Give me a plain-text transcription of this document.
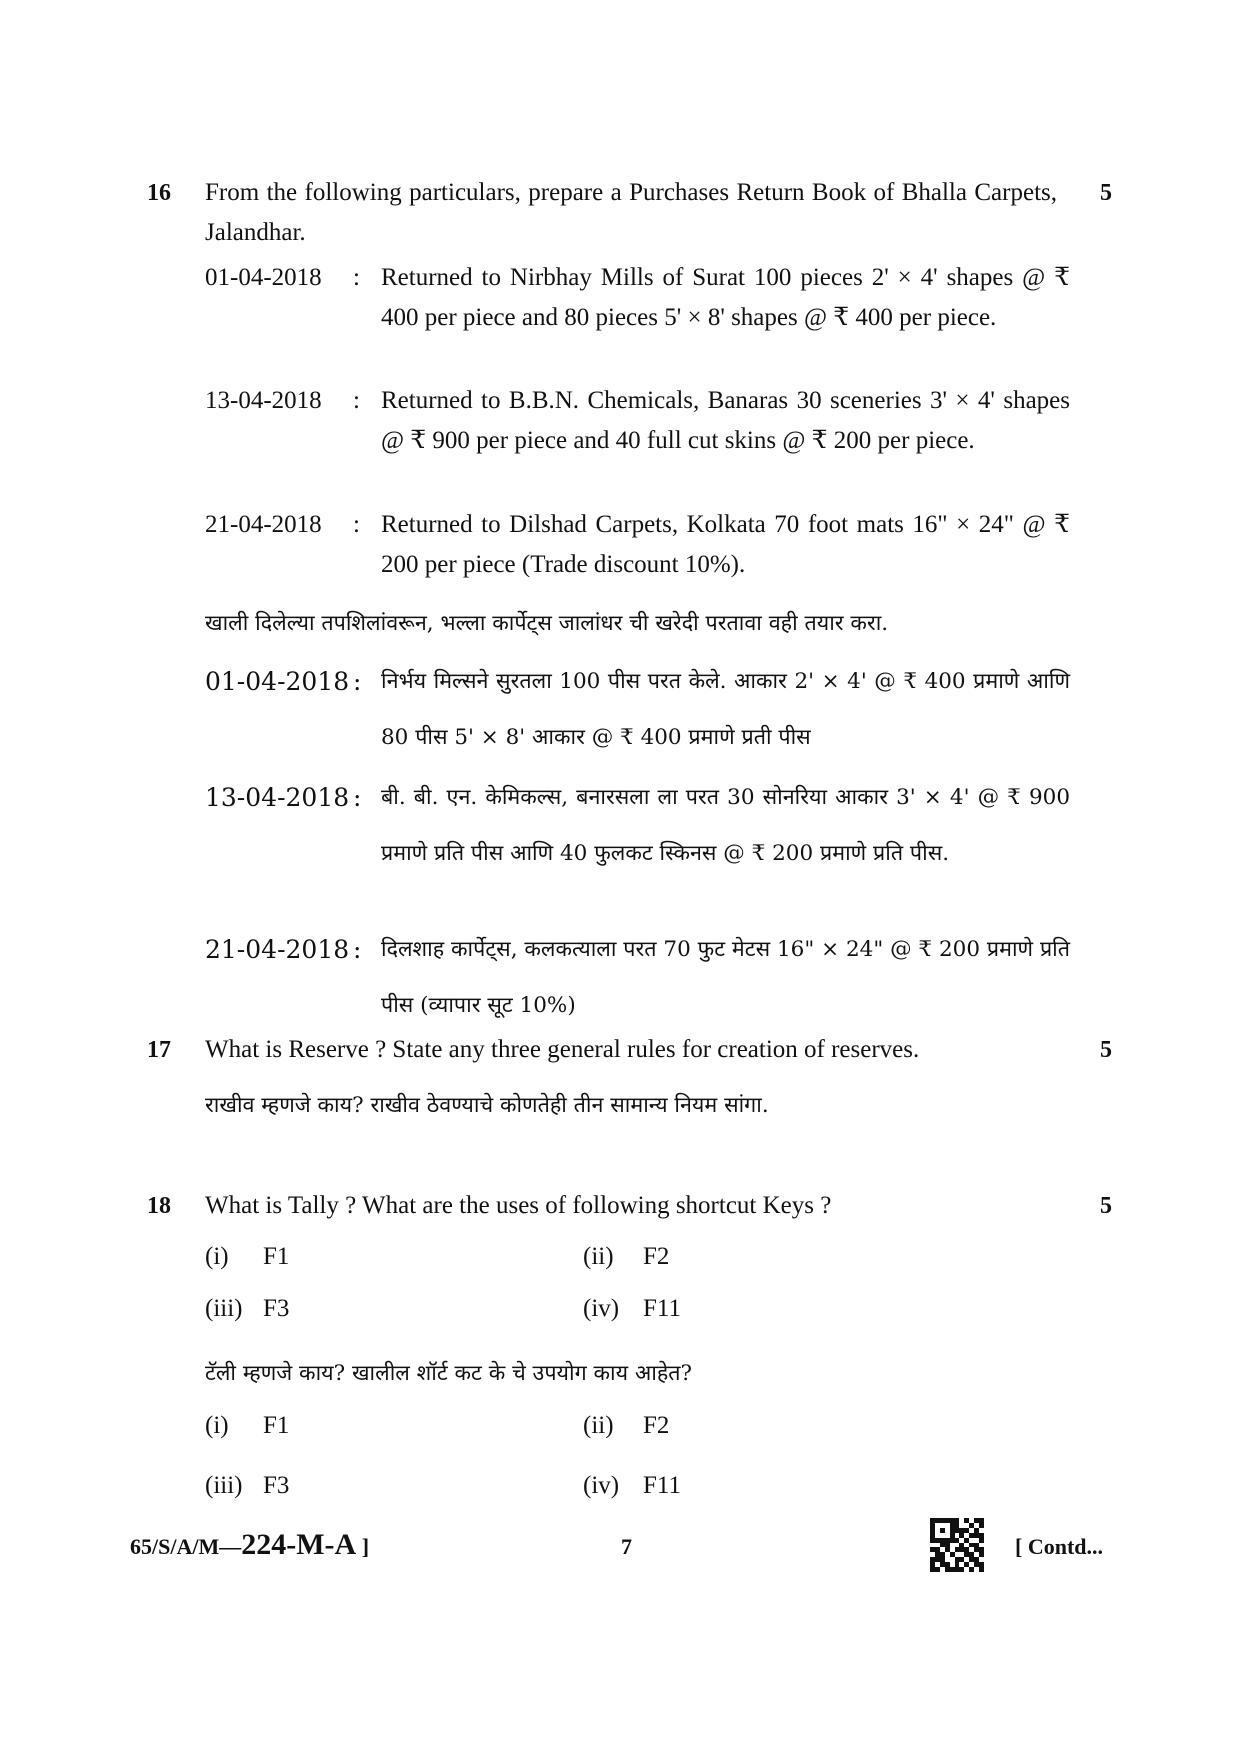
16	5
From the following particulars, prepare a Purchases Return Book of Bhalla Carpets, Jalandhar.
01-04-2018 : Returned to Nirbhay Mills of Surat 100 pieces 2' × 4' shapes @ ₹ 400 per piece and 80 pieces 5' × 8' shapes @ ₹ 400 per piece.
13-04-2018 : Returned to B.B.N. Chemicals, Banaras 30 sceneries 3' × 4' shapes @ ₹ 900 per piece and 40 full cut skins @ ₹ 200 per piece.
21-04-2018 : Returned to Dilshad Carpets, Kolkata 70 foot mats 16" × 24" @ ₹ 200 per piece (Trade discount 10%).
खाली दिलेल्या तपशिलांवरून, भल्ला कार्पेट्स जालांधर ची खरेदी परतावा वही तयार करा.
01-04-2018 : निर्भय मिल्सने सुरतला 100 पीस परत केले. आकार 2' × 4' @ ₹ 400 प्रमाणे आणि 80 पीस 5' × 8' आकार @ ₹ 400 प्रमाणे प्रती पीस
13-04-2018 : बी. बी. एन. केमिकल्स, बनारसला ला परत 30 सोनरिया आकार 3' × 4' @ ₹ 900 प्रमाणे प्रति पीस आणि 40 फुलकट स्किनस @ ₹ 200 प्रमाणे प्रति पीस.
21-04-2018 : दिलशाह कार्पेट्स, कलकत्याला परत 70 फुट मेटस 16" × 24" @ ₹ 200 प्रमाणे प्रति पीस (व्यापार सूट 10%)
17	5
What is Reserve ? State any three general rules for creation of reserves.
राखीव म्हणजे काय? राखीव ठेवण्याचे कोणतेही तीन सामान्य नियम सांगा.
18	5
What is Tally ? What are the uses of following shortcut Keys ?
(i) F1	(ii) F2
(iii) F3	(iv) F11
टॅली म्हणजे काय? खालील शॉर्ट कट के चे उपयोग काय आहेत?
(i) F1	(ii) F2
(iii) F3	(iv) F11
65/S/A/M—224-M-A ]	7	[ Contd...
